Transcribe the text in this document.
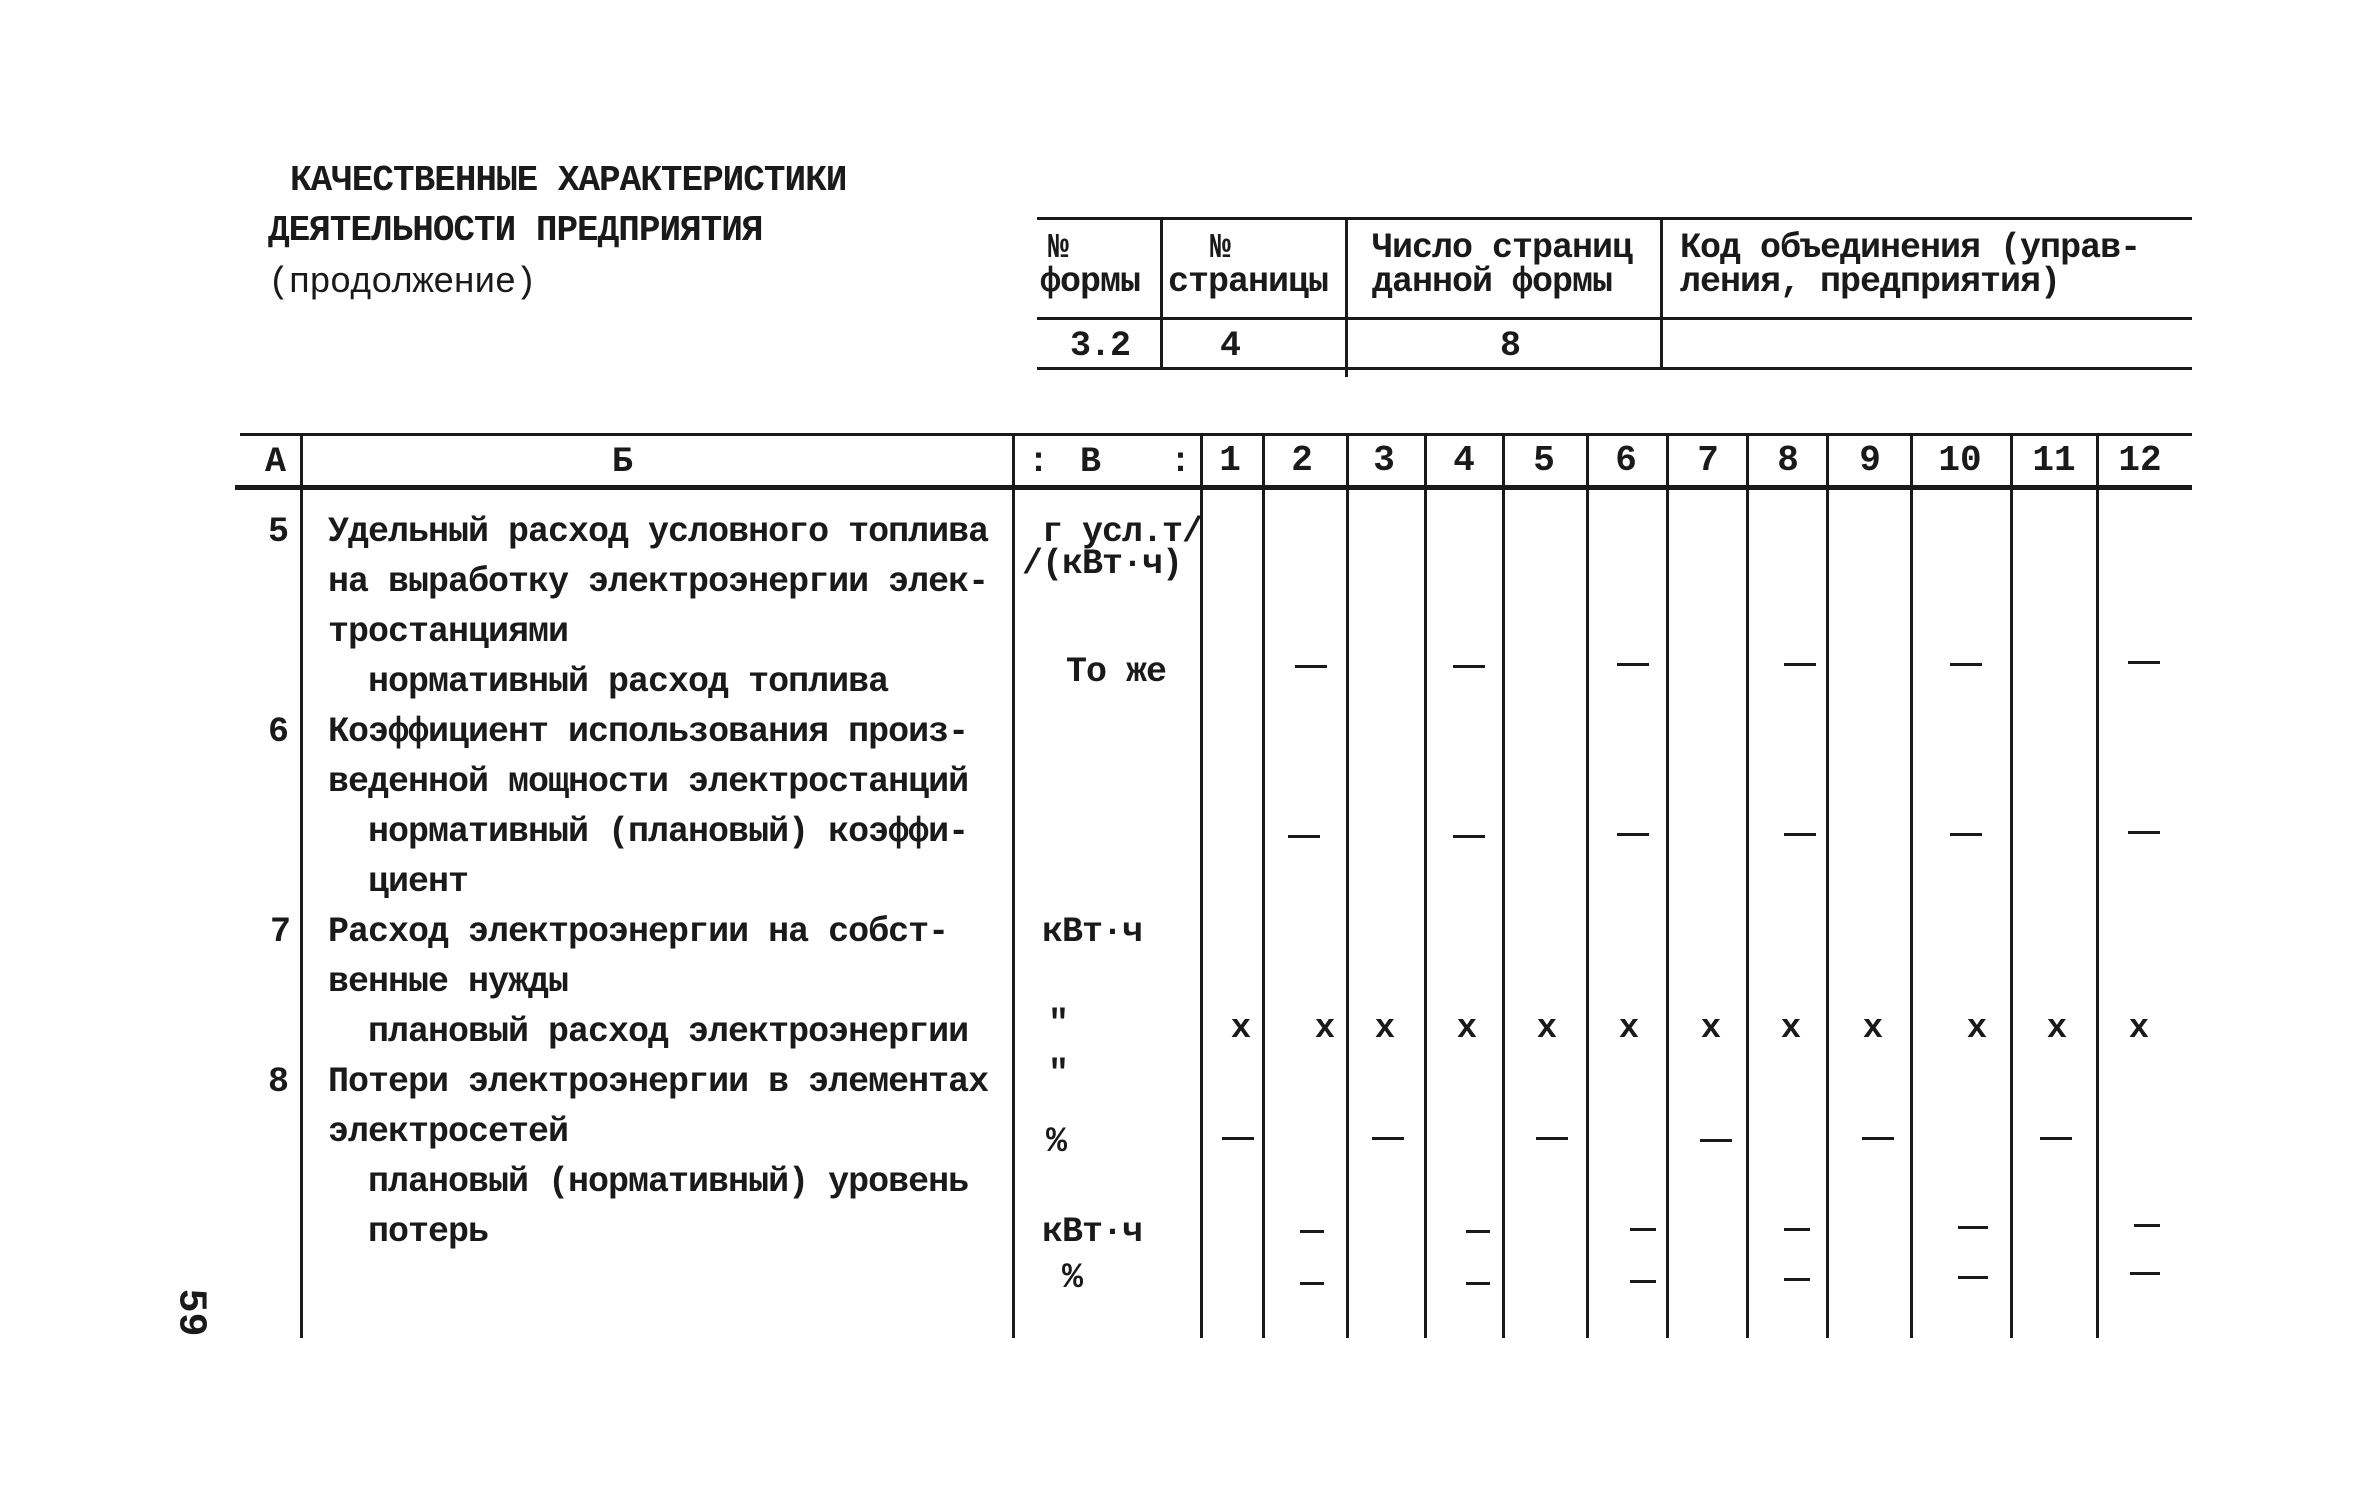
КАЧЕСТВЕННЫЕ ХАРАКТЕРИСТИКИ
ДЕЯТЕЛЬНОСТИ ПРЕДПРИЯТИЯ
(продолжение)
№
формы
№
страницы
Число страниц
данной формы
Код объединения (управ-
ления, предприятия)
3.2	4	8
А	Б	: В : 1	2	3	4	5	6	7	8	9	10 11 12
5 Удельный расход условного топлива
на выработку электроэнергии элек-
тростанциями
г усл.т/
/(кВт·ч)
нормативный расход топлива	То же
6 Коэффициент использования произ-
веденной мощности электростанций
нормативный (плановый) коэффи-
циент
7 Расход электроэнергии на собст-
венные нужды
кВт·ч
плановый расход электроэнергии "
8 Потери электроэнергии в элементах
электросетей
"
%
плановый (нормативный) уровень
потерь	кВт·ч
%
x	x	x	x	x	x	x	x	x	x	x	x
59
